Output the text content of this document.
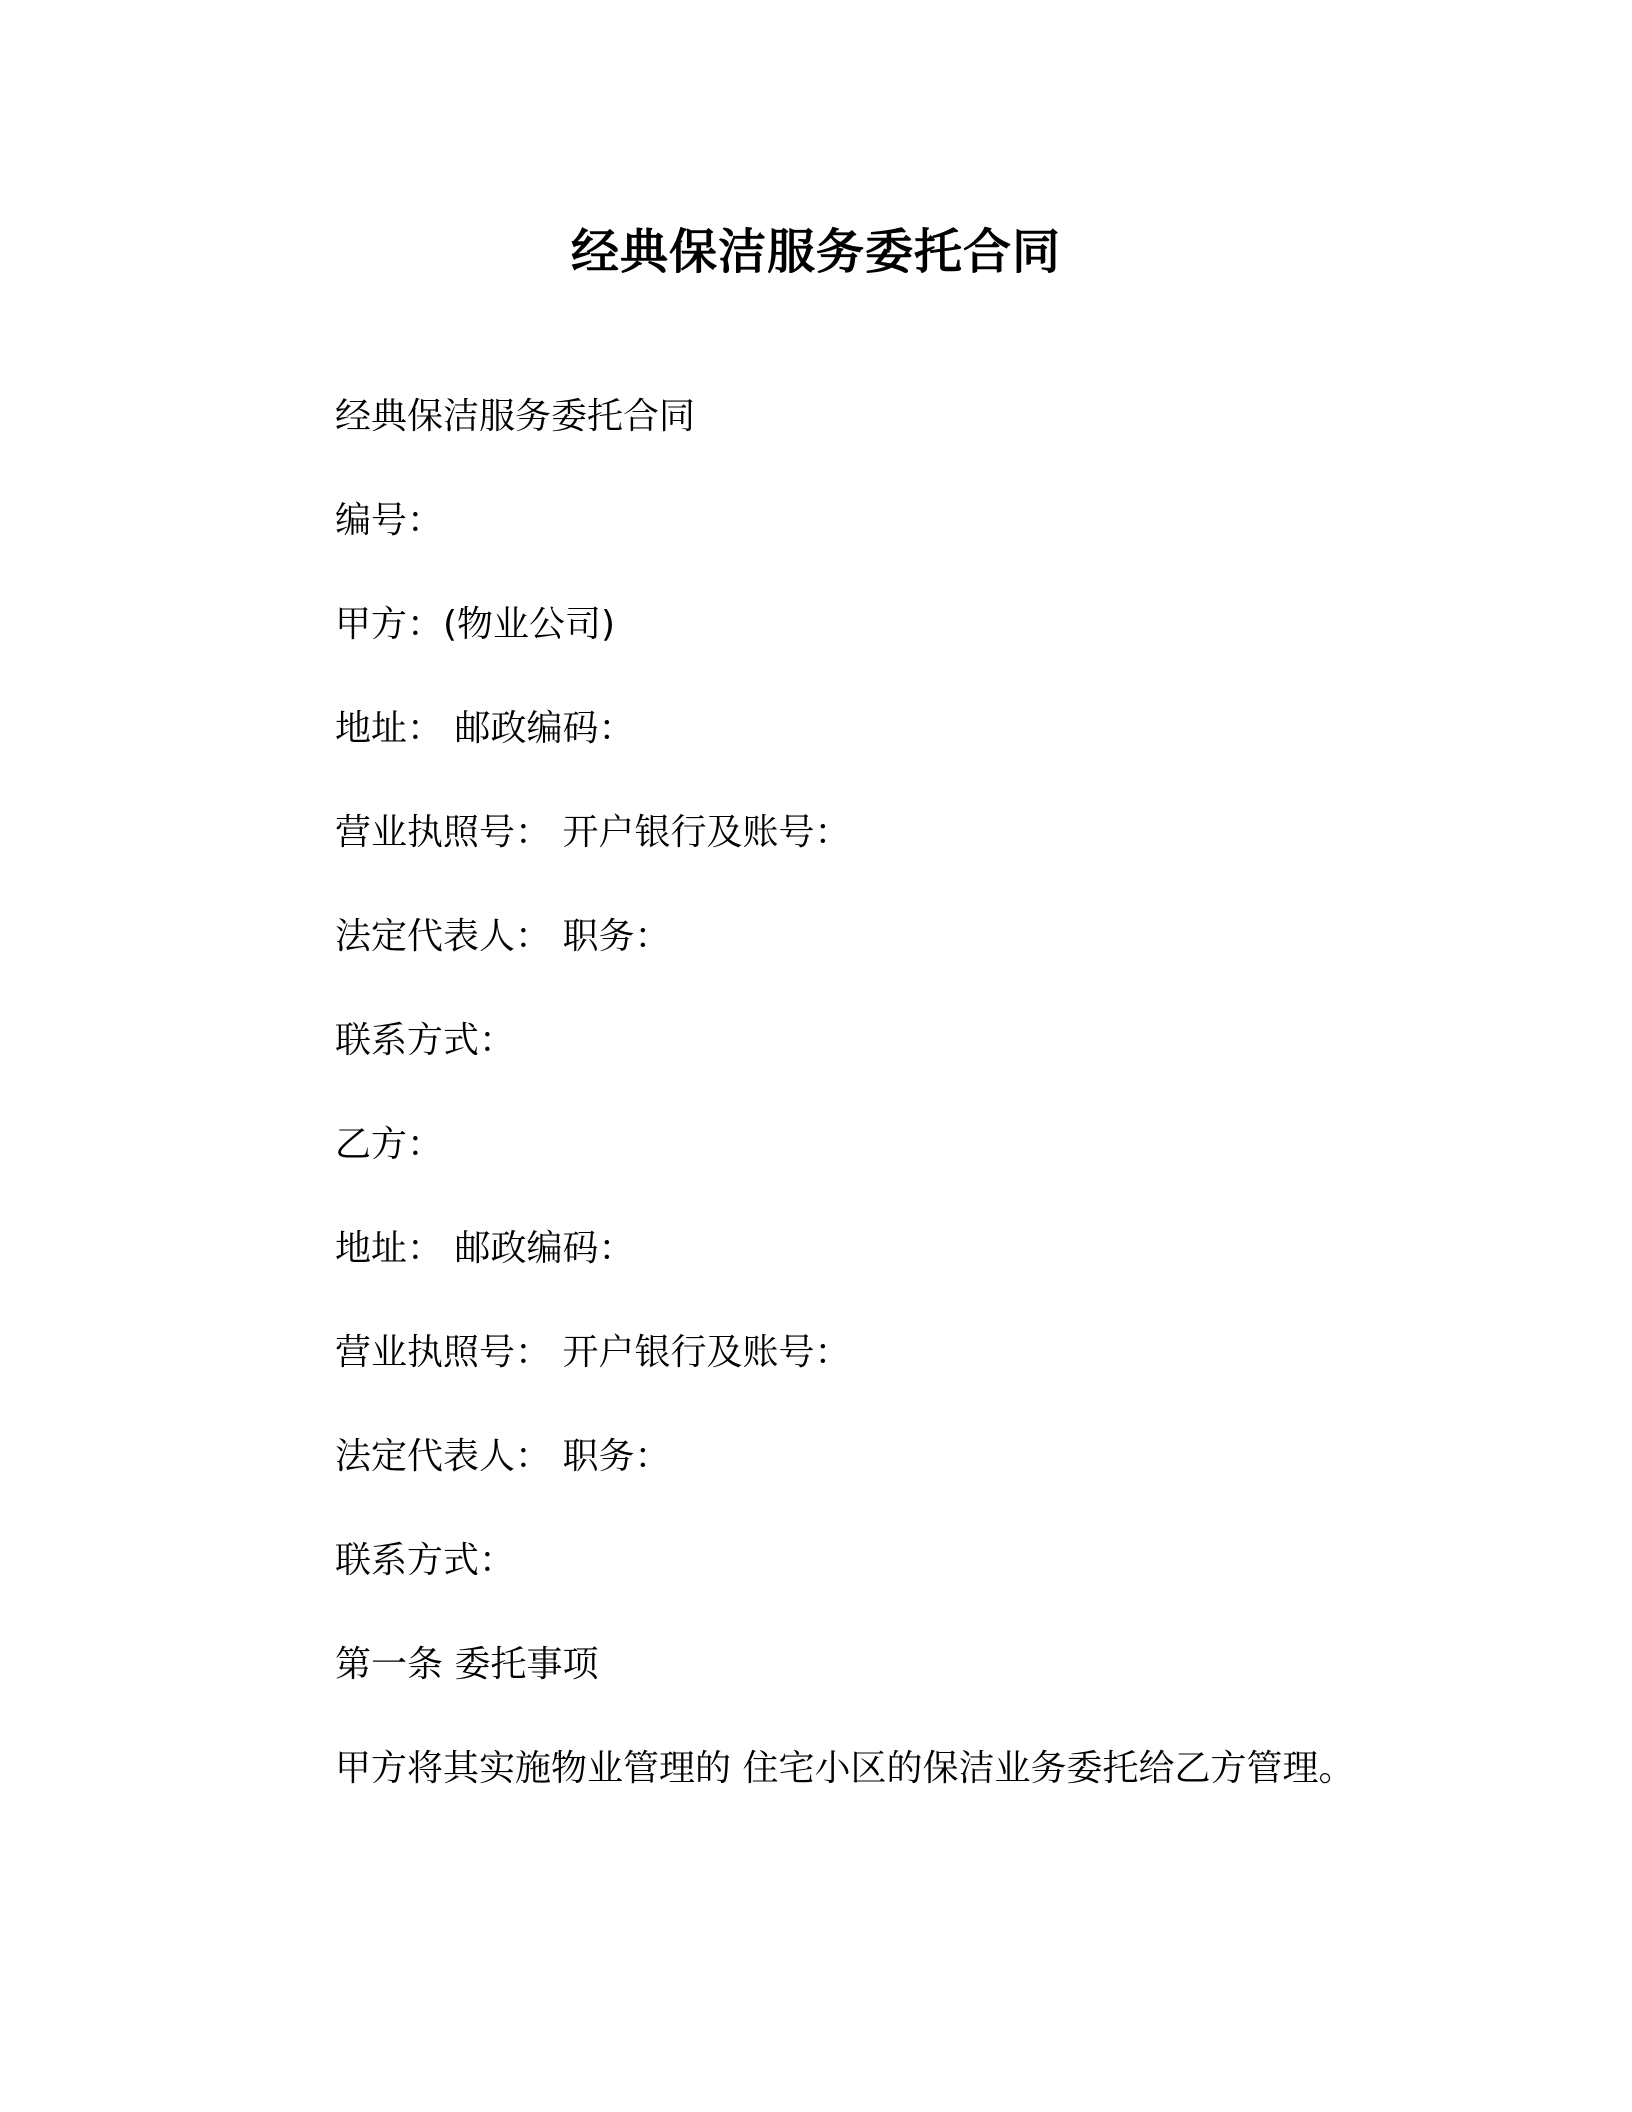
经典保洁服务委托合同
经典保洁服务委托合同
编号：
甲方：(物业公司)
地址： 邮政编码：
营业执照号： 开户银行及账号：
法定代表人： 职务：
联系方式：
乙方：
地址： 邮政编码：
营业执照号： 开户银行及账号：
法定代表人： 职务：
联系方式：
第一条 委托事项
甲方将其实施物业管理的 住宅小区的保洁业务委托给乙方管理。
